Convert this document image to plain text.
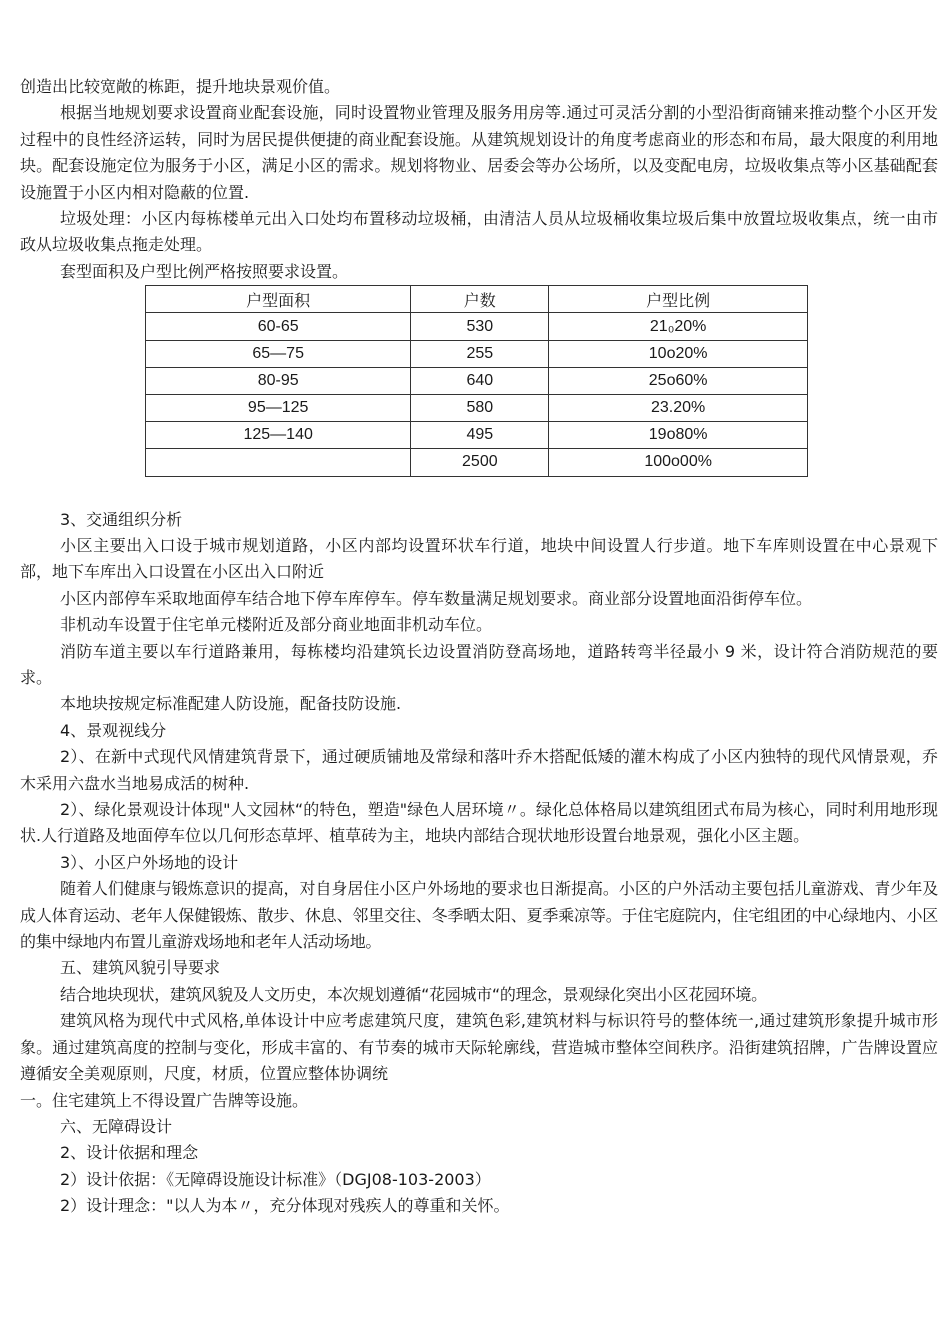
创造出比较宽敞的栋距，提升地块景观价值。

根据当地规划要求设置商业配套设施，同时设置物业管理及服务用房等.通过可灵活分割的小型沿街商铺来推动整个小区开发过程中的良性经济运转，同时为居民提供便捷的商业配套设施。从建筑规划设计的角度考虑商业的形态和布局，最大限度的利用地块。配套设施定位为服务于小区，满足小区的需求。规划将物业、居委会等办公场所，以及变配电房，垃圾收集点等小区基础配套设施置于小区内相对隐蔽的位置.

垃圾处理：小区内每栋楼单元出入口处均布置移动垃圾桶，由清洁人员从垃圾桶收集垃圾后集中放置垃圾收集点，统一由市政从垃圾收集点拖走处理。

套型面积及户型比例严格按照要求设置。

户型面积	户数	户型比例
60-65	530	21₀20%
65—75	255	10o20%
80-95	640	25o60%
95—125	580	23.20%
125—140	495	19o80%
	2500	100o00%

3、交通组织分析

小区主要出入口设于城市规划道路，小区内部均设置环状车行道，地块中间设置人行步道。地下车库则设置在中心景观下部，地下车库出入口设置在小区出入口附近

小区内部停车采取地面停车结合地下停车库停车。停车数量满足规划要求。商业部分设置地面沿街停车位。

非机动车设置于住宅单元楼附近及部分商业地面非机动车位。

消防车道主要以车行道路兼用，每栋楼均沿建筑长边设置消防登高场地，道路转弯半径最小 9 米，设计符合消防规范的要求。

本地块按规定标准配建人防设施，配备技防设施.

4、景观视线分

2）、在新中式现代风情建筑背景下，通过硬质铺地及常绿和落叶乔木搭配低矮的灌木构成了小区内独特的现代风情景观，乔木采用六盘水当地易成活的树种.

2）、绿化景观设计体现"人文园林“的特色，塑造"绿色人居环境〃。绿化总体格局以建筑组团式布局为核心，同时利用地形现状.人行道路及地面停车位以几何形态草坪、植草砖为主，地块内部结合现状地形设置台地景观，强化小区主题。

3）、小区户外场地的设计

随着人们健康与锻炼意识的提高，对自身居住小区户外场地的要求也日渐提高。小区的户外活动主要包括儿童游戏、青少年及成人体育运动、老年人保健锻炼、散步、休息、邻里交往、冬季晒太阳、夏季乘凉等。于住宅庭院内，住宅组团的中心绿地内、小区的集中绿地内布置儿童游戏场地和老年人活动场地。

五、建筑风貌引导要求

结合地块现状，建筑风貌及人文历史，本次规划遵循“花园城市“的理念，景观绿化突出小区花园环境。

建筑风格为现代中式风格,单体设计中应考虑建筑尺度，建筑色彩,建筑材料与标识符号的整体统一,通过建筑形象提升城市形象。通过建筑高度的控制与变化，形成丰富的、有节奏的城市天际轮廓线，营造城市整体空间秩序。沿街建筑招牌，广告牌设置应遵循安全美观原则，尺度，材质，位置应整体协调统

一。住宅建筑上不得设置广告牌等设施。

六、无障碍设计

2、设计依据和理念

2）设计依据：《无障碍设施设计标准》（DGJ08-103-2003）

2）设计理念："以人为本〃，充分体现对残疾人的尊重和关怀。
